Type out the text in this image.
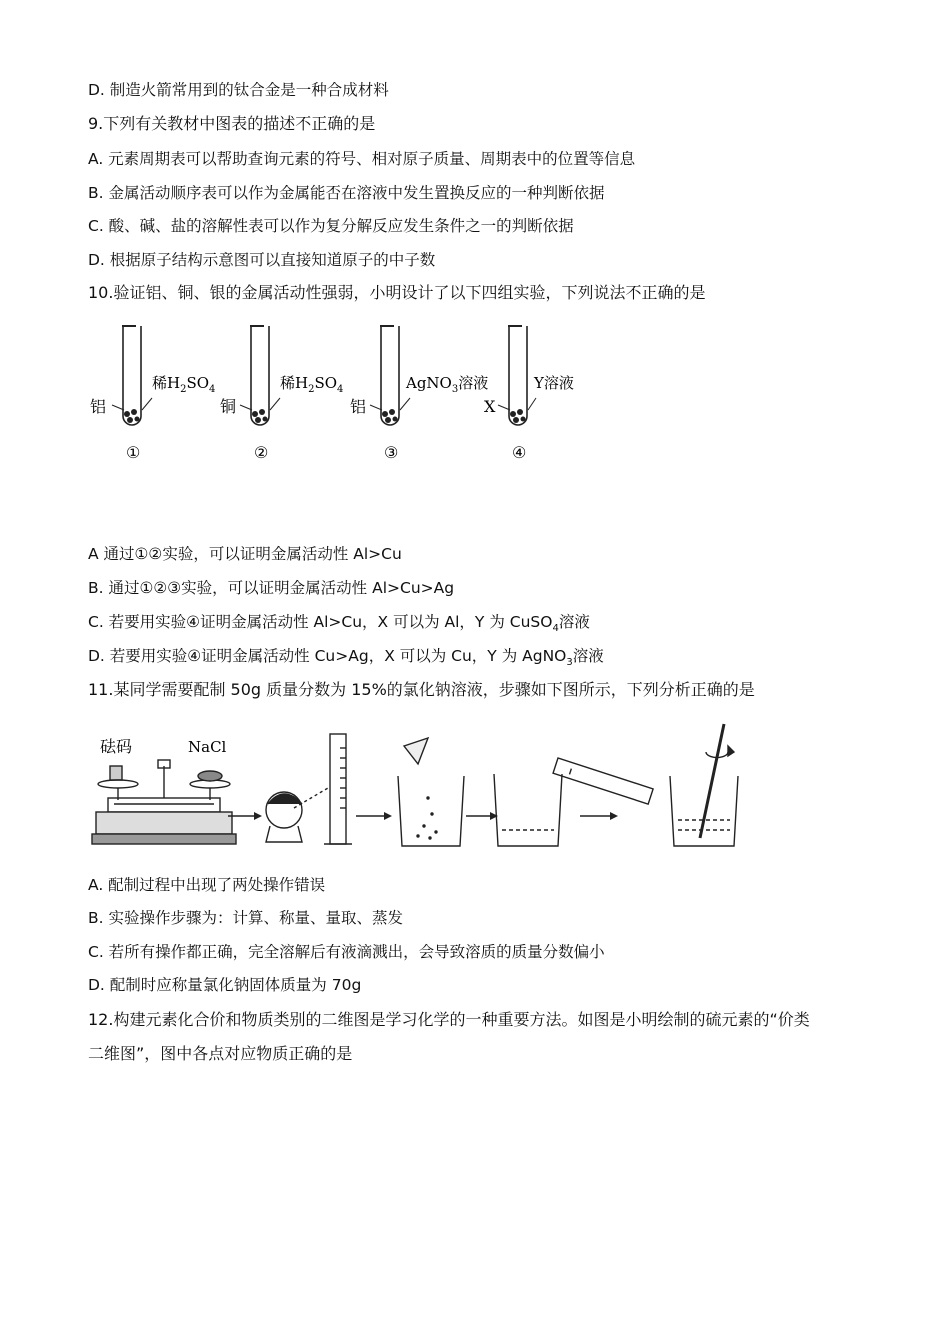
D. 制造火箭常用到的钛合金是一种合成材料
9.下列有关教材中图表的描述不正确的是
A. 元素周期表可以帮助查询元素的符号、相对原子质量、周期表中的位置等信息
B. 金属活动顺序表可以作为金属能否在溶液中发生置换反应的一种判断依据
C. 酸、碱、盐的溶解性表可以作为复分解反应发生条件之一的判断依据
D. 根据原子结构示意图可以直接知道原子的中子数
10.验证铝、铜、银的金属活动性强弱，小明设计了以下四组实验，下列说法不正确的是
铝	铜	铝	X
稀$H_2SO_4$	稀$H_2SO_4$	AgNO$_3$溶液	Y溶液
①	②	③	④
A 通过①②实验，可以证明金属活动性 Al>Cu
B. 通过①②③实验，可以证明金属活动性 Al>Cu>Ag
C. 若要用实验④证明金属活动性 Al>Cu，X 可以为 Al，Y 为 CuSO$_4$溶液
D. 若要用实验④证明金属活动性 Cu>Ag，X 可以为 Cu，Y 为 AgNO$_3$溶液
11.某同学需要配制 50g 质量分数为 15%的氯化钠溶液，步骤如下图所示，下列分析正确的是
砝码	NaCl
A. 配制过程中出现了两处操作错误
B. 实验操作步骤为：计算、称量、量取、蒸发
C. 若所有操作都正确，完全溶解后有液滴溅出，会导致溶质的质量分数偏小
D. 配制时应称量氯化钠固体质量为 70g
12.构建元素化合价和物质类别的二维图是学习化学的一种重要方法。如图是小明绘制的硫元素的“价类
二维图”，图中各点对应物质正确的是
